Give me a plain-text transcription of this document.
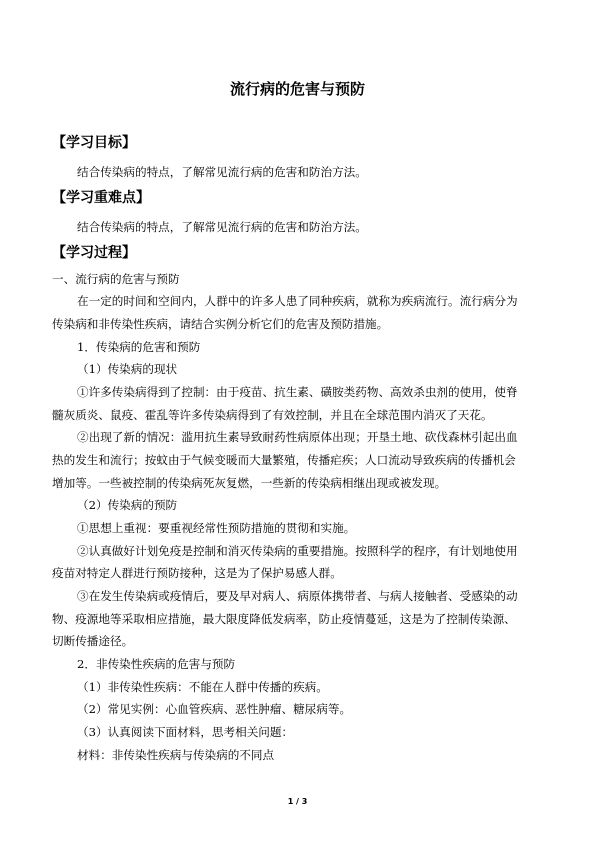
流行病的危害与预防
【学习目标】
结合传染病的特点，了解常见流行病的危害和防治方法。
【学习重难点】
结合传染病的特点，了解常见流行病的危害和防治方法。
【学习过程】
一、流行病的危害与预防
在一定的时间和空间内，人群中的许多人患了同种疾病，就称为疾病流行。流行病分为
传染病和非传染性疾病，请结合实例分析它们的危害及预防措施。
1．传染病的危害和预防
（1）传染病的现状
①许多传染病得到了控制：由于疫苗、抗生素、磺胺类药物、高效杀虫剂的使用，使脊
髓灰质炎、鼠疫、霍乱等许多传染病得到了有效控制，并且在全球范围内消灭了天花。
②出现了新的情况：滥用抗生素导致耐药性病原体出现；开垦土地、砍伐森林引起出血
热的发生和流行；按蚊由于气候变暖而大量繁殖，传播疟疾；人口流动导致疾病的传播机会
增加等。一些被控制的传染病死灰复燃，一些新的传染病相继出现或被发现。
（2）传染病的预防
①思想上重视：要重视经常性预防措施的贯彻和实施。
②认真做好计划免疫是控制和消灭传染病的重要措施。按照科学的程序，有计划地使用
疫苗对特定人群进行预防接种，这是为了保护易感人群。
③在发生传染病或疫情后，要及早对病人、病原体携带者、与病人接触者、受感染的动
物、疫源地等采取相应措施，最大限度降低发病率，防止疫情蔓延，这是为了控制传染源、
切断传播途径。
2．非传染性疾病的危害与预防
（1）非传染性疾病：不能在人群中传播的疾病。
（2）常见实例：心血管疾病、恶性肿瘤、糖尿病等。
（3）认真阅读下面材料，思考相关问题：
材料：非传染性疾病与传染病的不同点
1 / 3
